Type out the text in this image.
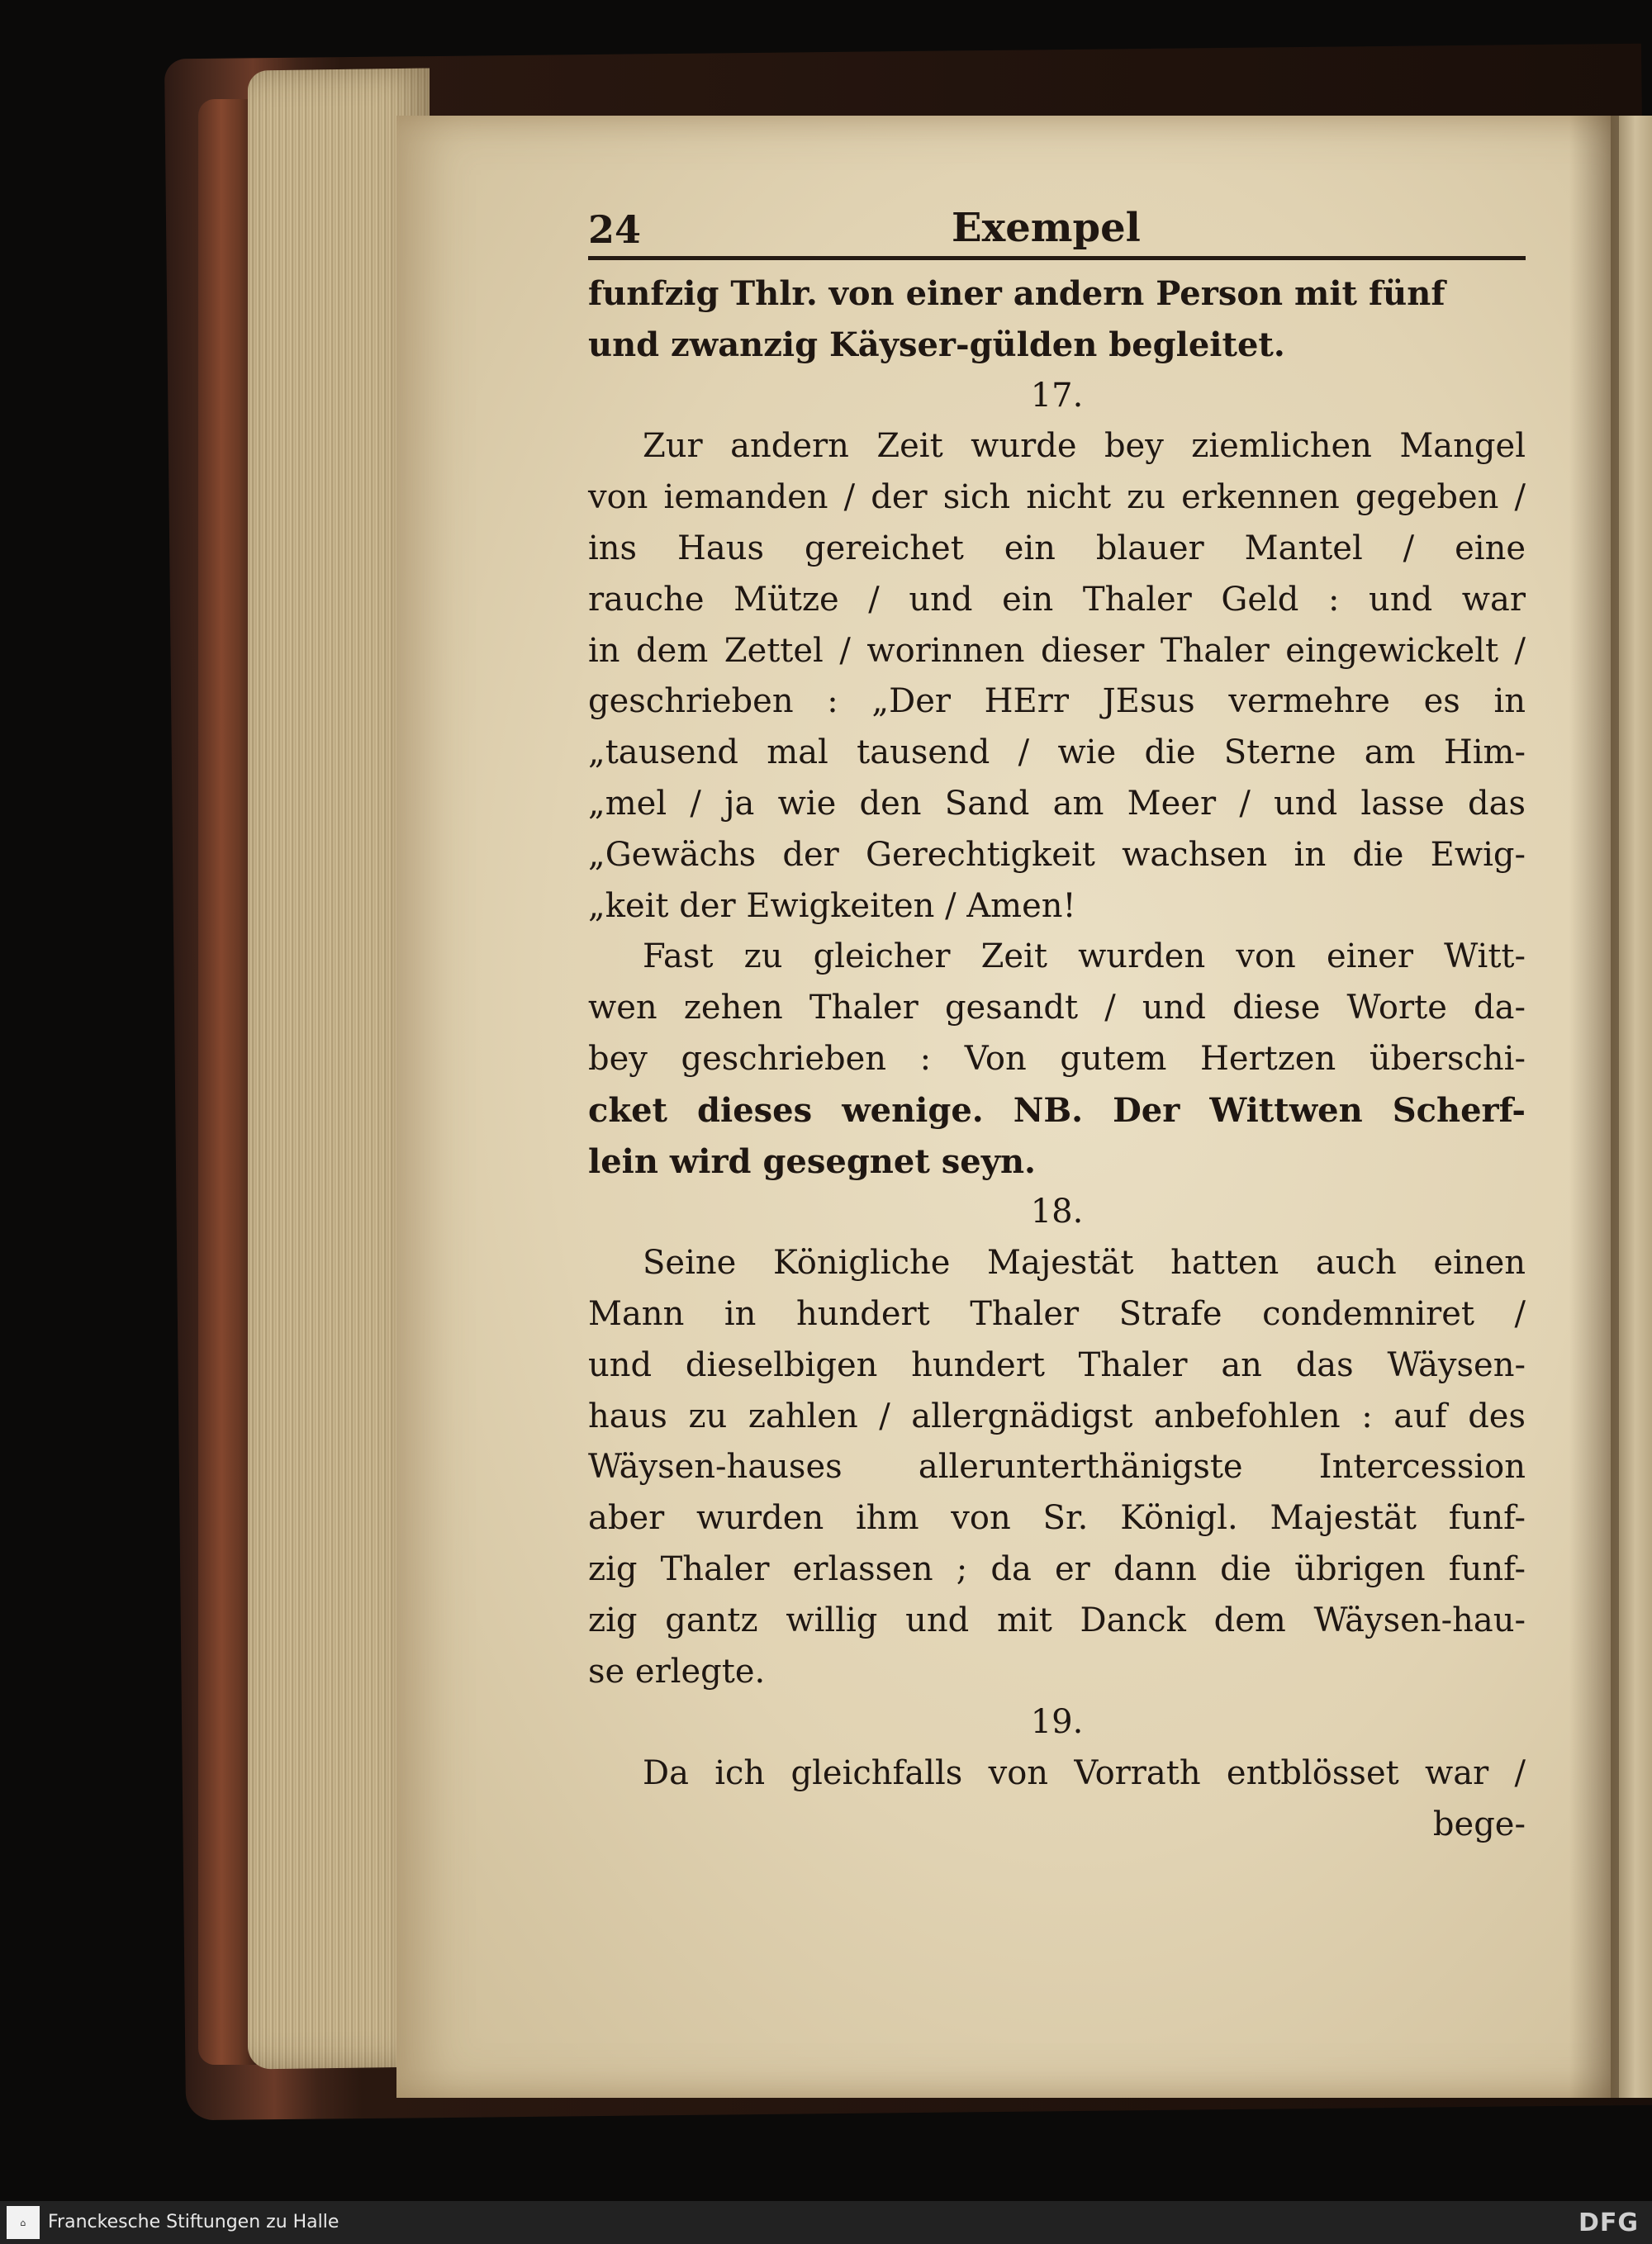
24	Exempel
funfzig Thlr. von einer andern Person mit fünf
und zwanzig Käyser-gülden begleitet.
17.
Zur andern Zeit wurde bey ziemlichen Mangel
von iemanden / der sich nicht zu erkennen gegeben /
ins Haus gereichet ein blauer Mantel / eine
rauche Mütze / und ein Thaler Geld : und war
in dem Zettel / worinnen dieser Thaler eingewickelt /
geschrieben : „Der HErr JEsus vermehre es in
„tausend mal tausend / wie die Sterne am Him-
„mel / ja wie den Sand am Meer / und lasse das
„Gewächs der Gerechtigkeit wachsen in die Ewig-
„keit der Ewigkeiten / Amen!
Fast zu gleicher Zeit wurden von einer Witt-
wen zehen Thaler gesandt / und diese Worte da-
bey geschrieben : Von gutem Hertzen überschi-
cket dieses wenige. NB. Der Wittwen Scherf-
lein wird gesegnet seyn.
18.
Seine Königliche Majestät hatten auch einen
Mann in hundert Thaler Strafe condemniret /
und dieselbigen hundert Thaler an das Wäysen-
haus zu zahlen / allergnädigst anbefohlen : auf des
Wäysen-hauses allerunterthänigste Intercession
aber wurden ihm von Sr. Königl. Majestät funf-
zig Thaler erlassen ; da er dann die übrigen funf-
zig gantz willig und mit Danck dem Wäysen-hau-
se erlegte.
19.
Da ich gleichfalls von Vorrath entblösset war /
bege-
⌂	Franckesche Stiftungen zu Halle	DFG
